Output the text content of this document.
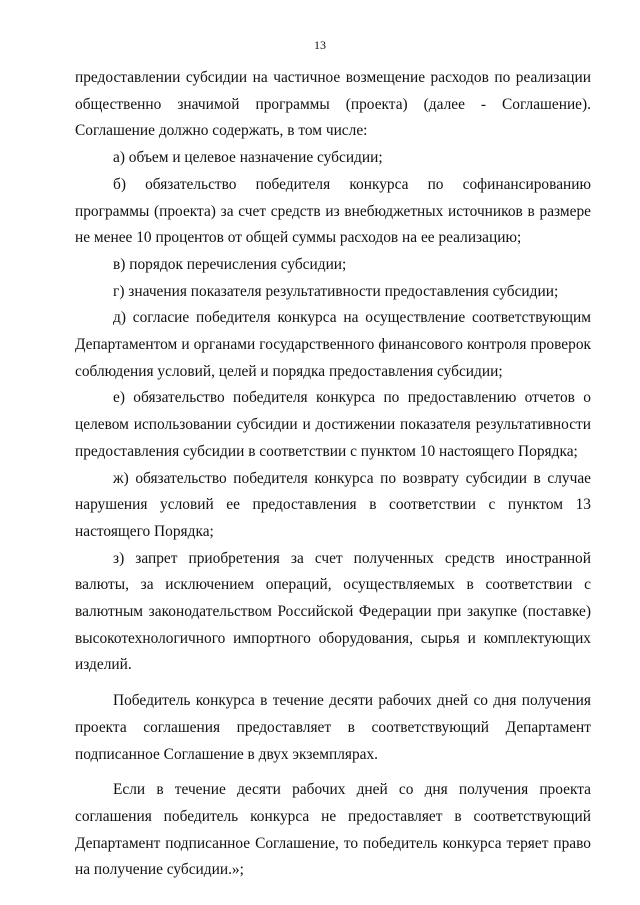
13

предоставлении субсидии на частичное возмещение расходов по реализации общественно значимой программы (проекта) (далее - Соглашение). Соглашение должно содержать, в том числе:

а) объем и целевое назначение субсидии;

б) обязательство победителя конкурса по софинансированию программы (проекта) за счет средств из внебюджетных источников в размере не менее 10 процентов от общей суммы расходов на ее реализацию;

в) порядок перечисления субсидии;

г) значения показателя результативности предоставления субсидии;

д) согласие победителя конкурса на осуществление соответствующим Департаментом и органами государственного финансового контроля проверок соблюдения условий, целей и порядка предоставления субсидии;

е) обязательство победителя конкурса по предоставлению отчетов о целевом использовании субсидии и достижении показателя результативности предоставления субсидии в соответствии с пунктом 10 настоящего Порядка;

ж) обязательство победителя конкурса по возврату субсидии в случае нарушения условий ее предоставления в соответствии с пунктом 13 настоящего Порядка;

з) запрет приобретения за счет полученных средств иностранной валюты, за исключением операций, осуществляемых в соответствии с валютным законодательством Российской Федерации при закупке (поставке) высокотехнологичного импортного оборудования, сырья и комплектующих изделий.

Победитель конкурса в течение десяти рабочих дней со дня получения проекта соглашения предоставляет в соответствующий Департамент подписанное Соглашение в двух экземплярах.

Если в течение десяти рабочих дней со дня получения проекта соглашения победитель конкурса не предоставляет в соответствующий Департамент подписанное Соглашение, то победитель конкурса теряет право на получение субсидии.»;
